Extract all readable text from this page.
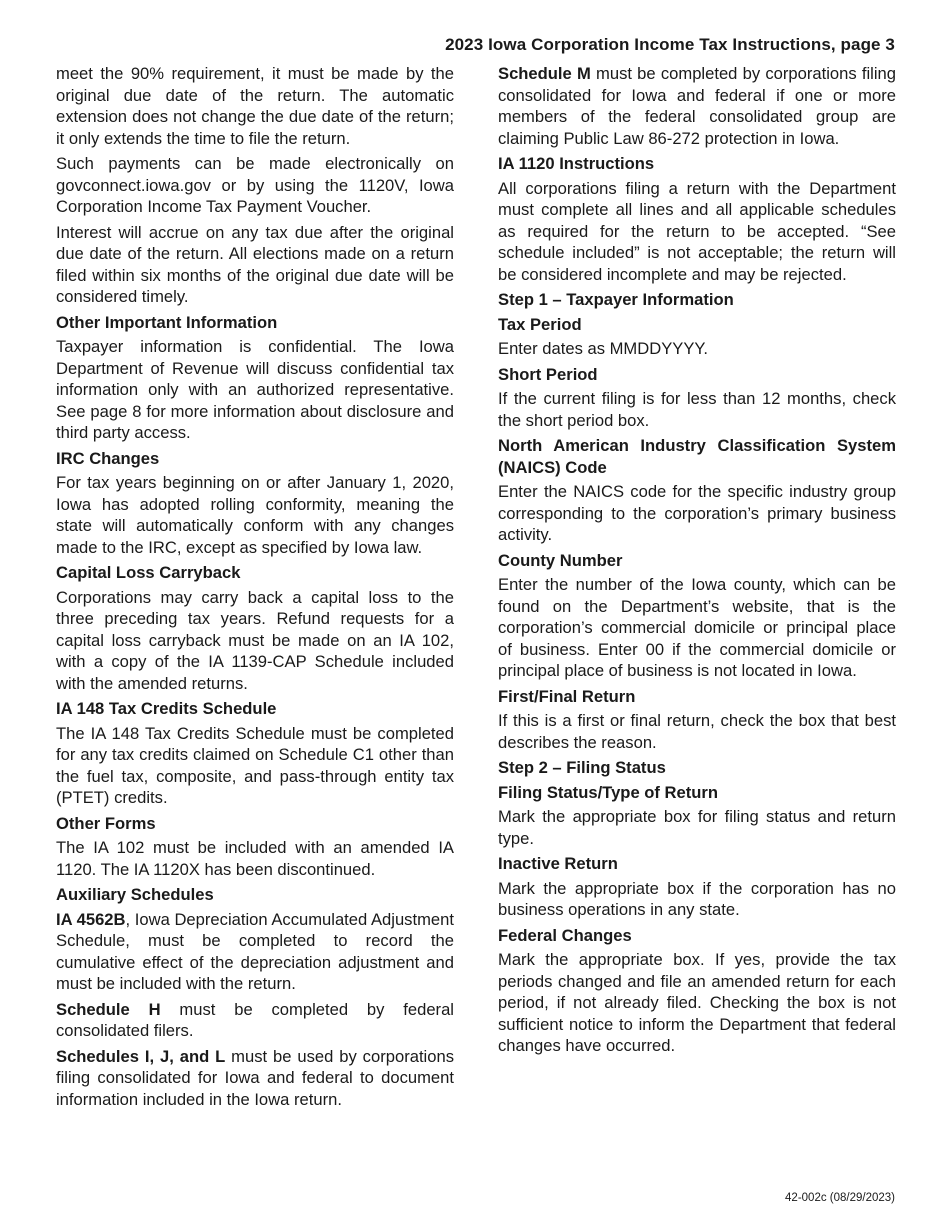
2023 Iowa Corporation Income Tax Instructions, page 3

meet the 90% requirement, it must be made by the original due date of the return. The automatic extension does not change the due date of the return; it only extends the time to file the return.

Such payments can be made electronically on govconnect.iowa.gov or by using the 1120V, Iowa Corporation Income Tax Payment Voucher.

Interest will accrue on any tax due after the original due date of the return. All elections made on a return filed within six months of the original due date will be considered timely.

Other Important Information

Taxpayer information is confidential. The Iowa Department of Revenue will discuss confidential tax information only with an authorized representative. See page 8 for more information about disclosure and third party access.

IRC Changes

For tax years beginning on or after January 1, 2020, Iowa has adopted rolling conformity, meaning the state will automatically conform with any changes made to the IRC, except as specified by Iowa law.

Capital Loss Carryback

Corporations may carry back a capital loss to the three preceding tax years. Refund requests for a capital loss carryback must be made on an IA 102, with a copy of the IA 1139-CAP Schedule included with the amended returns.

IA 148 Tax Credits Schedule

The IA 148 Tax Credits Schedule must be completed for any tax credits claimed on Schedule C1 other than the fuel tax, composite, and pass-through entity tax (PTET) credits.

Other Forms

The IA 102 must be included with an amended IA 1120. The IA 1120X has been discontinued.

Auxiliary Schedules

IA 4562B, Iowa Depreciation Accumulated Adjustment Schedule, must be completed to record the cumulative effect of the depreciation adjustment and must be included with the return.

Schedule H must be completed by federal consolidated filers.

Schedules I, J, and L must be used by corporations filing consolidated for Iowa and federal to document information included in the Iowa return.

Schedule M must be completed by corporations filing consolidated for Iowa and federal if one or more members of the federal consolidated group are claiming Public Law 86-272 protection in Iowa.

IA 1120 Instructions

All corporations filing a return with the Department must complete all lines and all applicable schedules as required for the return to be accepted. “See schedule included” is not acceptable; the return will be considered incomplete and may be rejected.

Step 1 – Taxpayer Information
Tax Period

Enter dates as MMDDYYYY.

Short Period

If the current filing is for less than 12 months, check the short period box.

North American Industry Classification System (NAICS) Code

Enter the NAICS code for the specific industry group corresponding to the corporation’s primary business activity.

County Number

Enter the number of the Iowa county, which can be found on the Department’s website, that is the corporation’s commercial domicile or principal place of business. Enter 00 if the commercial domicile or principal place of business is not located in Iowa.

First/Final Return

If this is a first or final return, check the box that best describes the reason.

Step 2 – Filing Status
Filing Status/Type of Return

Mark the appropriate box for filing status and return type.

Inactive Return

Mark the appropriate box if the corporation has no business operations in any state.

Federal Changes

Mark the appropriate box. If yes, provide the tax periods changed and file an amended return for each period, if not already filed. Checking the box is not sufficient notice to inform the Department that federal changes have occurred.

42-002c (08/29/2023)
